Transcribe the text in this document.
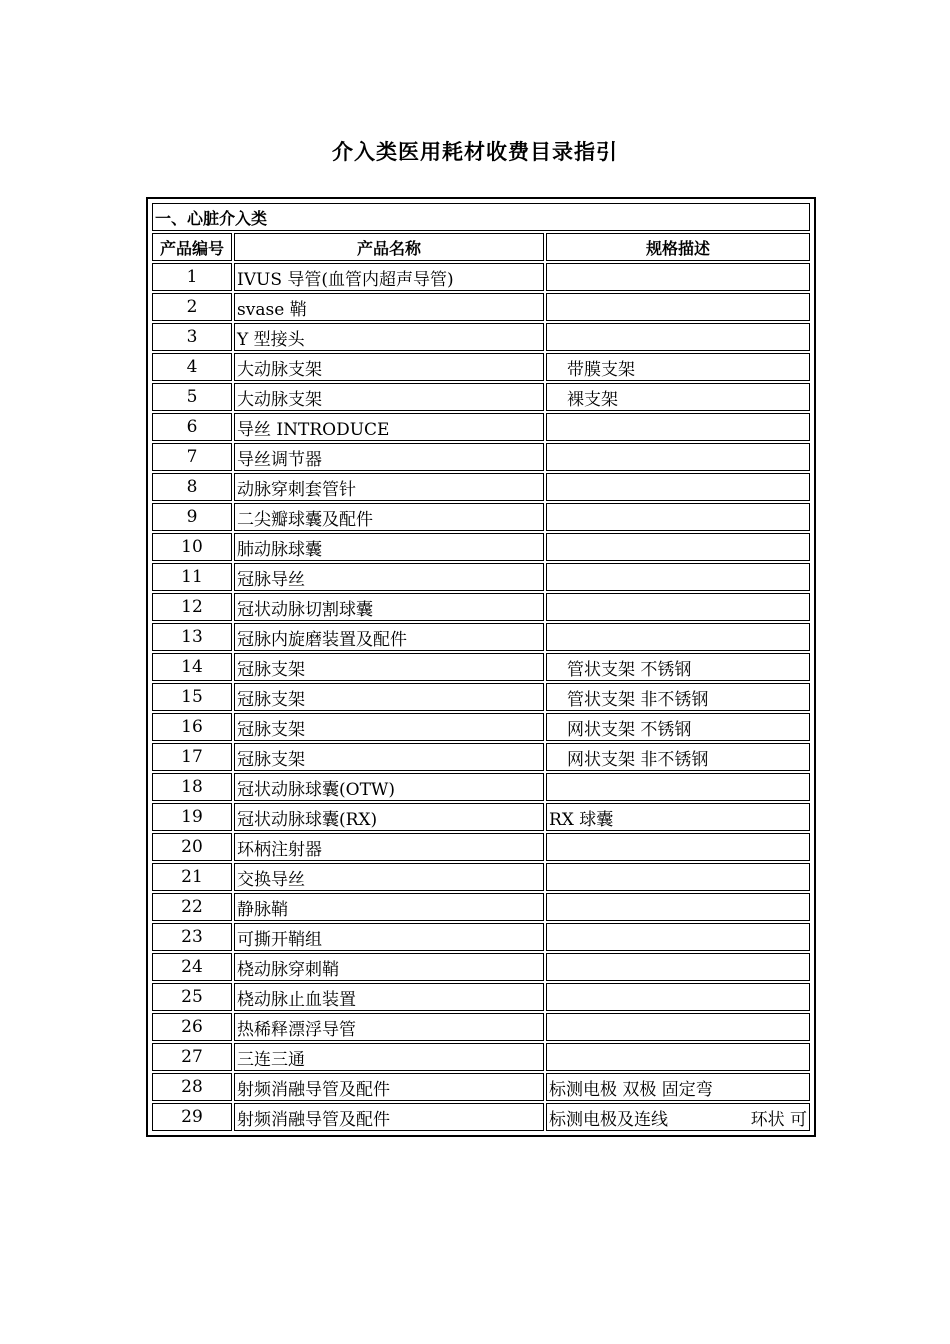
介入类医用耗材收费目录指引
一、心脏介入类		
产品编号	产品名称	规格描述
1	IVUS 导管(血管内超声导管)	
2	svase 鞘	
3	Y 型接头	
4	大动脉支架	带膜支架
5	大动脉支架	裸支架
6	导丝 INTRODUCE	
7	导丝调节器	
8	动脉穿刺套管针	
9	二尖瓣球囊及配件	
10	肺动脉球囊	
11	冠脉导丝	
12	冠状动脉切割球囊	
13	冠脉内旋磨装置及配件	
14	冠脉支架	管状支架 不锈钢
15	冠脉支架	管状支架 非不锈钢
16	冠脉支架	网状支架 不锈钢
17	冠脉支架	网状支架 非不锈钢
18	冠状动脉球囊(OTW)	
19	冠状动脉球囊(RX)	RX 球囊
20	环柄注射器	
21	交换导丝	
22	静脉鞘	
23	可撕开鞘组	
24	桡动脉穿刺鞘	
25	桡动脉止血装置	
26	热稀释漂浮导管	
27	三连三通	
28	射频消融导管及配件	标测电极 双极 固定弯
29	射频消融导管及配件	标测电极及连线 环状 可
